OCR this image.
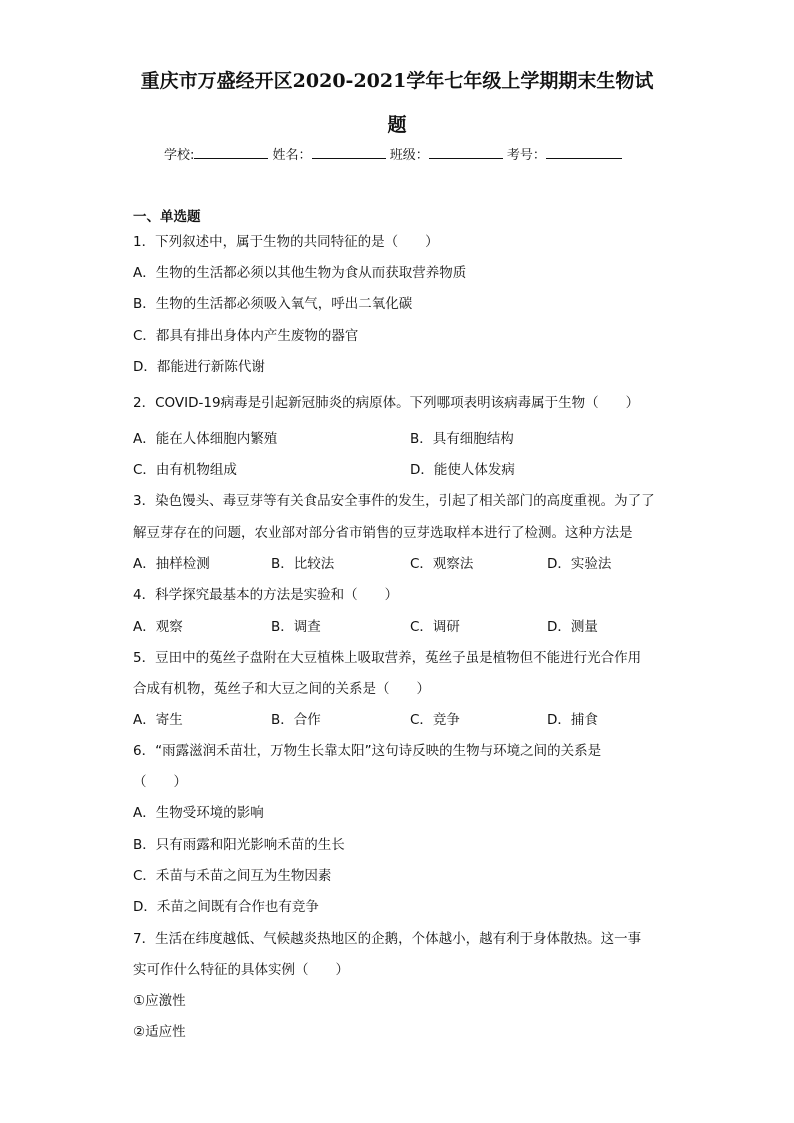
重庆市万盛经开区2020-2021学年七年级上学期期末生物试
题
学校:	姓名：	班级：	考号：
一、单选题
1．下列叙述中，属于生物的共同特征的是（　　）
A．生物的生活都必须以其他生物为食从而获取营养物质
B．生物的生活都必须吸入氧气，呼出二氧化碳
C．都具有排出身体内产生废物的器官
D．都能进行新陈代谢
2．COVID-19病毒是引起新冠肺炎的病原体。下列哪项表明该病毒属于生物（　　）
A．能在人体细胞内繁殖	B．具有细胞结构
C．由有机物组成	D．能使人体发病
3．染色馒头、毒豆芽等有关食品安全事件的发生，引起了相关部门的高度重视。为了了
解豆芽存在的问题，农业部对部分省市销售的豆芽选取样本进行了检测。这种方法是
A．抽样检测	B．比较法	C．观察法	D．实验法
4．科学探究最基本的方法是实验和（　　）
A．观察	B．调查	C．调研	D．测量
5．豆田中的菟丝子盘附在大豆植株上吸取营养，菟丝子虽是植物但不能进行光合作用
合成有机物，菟丝子和大豆之间的关系是（　　）
A．寄生	B．合作	C．竞争	D．捕食
6．“雨露滋润禾苗壮，万物生长靠太阳”这句诗反映的生物与环境之间的关系是
（　　）
A．生物受环境的影响
B．只有雨露和阳光影响禾苗的生长
C．禾苗与禾苗之间互为生物因素
D．禾苗之间既有合作也有竞争
7．生活在纬度越低、气候越炎热地区的企鹅，个体越小，越有利于身体散热。这一事
实可作什么特征的具体实例（　　）
①应激性
②适应性
